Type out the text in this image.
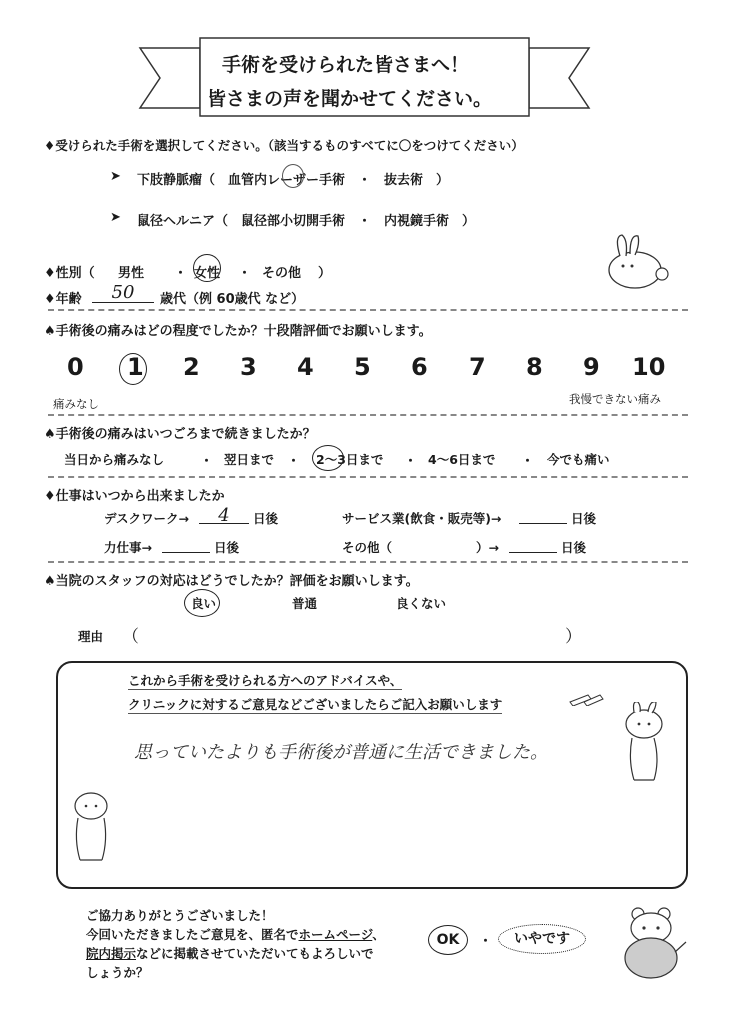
手術を受けられた皆さまへ！
皆さまの声を聞かせてください。
♦受けられた手術を選択してください。（該当するものすべてに〇をつけてください）
➤ 下肢静脈瘤（　血管内レーザー手術　・　抜去術　）
➤ 鼠径ヘルニア（　鼠径部小切開手術　・　内視鏡手術　）
♦性別（ 男性 ・ 女性 ・ その他 ）
♦年齢	50	歳代（例 60歳代 など）
♠手術後の痛みはどの程度でしたか？十段階評価でお願いします。
0 1 2 3 4 5 6 7 8 9 10
痛みなし	我慢できない痛み
♠手術後の痛みはいつごろまで続きましたか？
当日から痛みなし	・ 翌日まで ・ 2～3日まで ・ 4～6日まで ・ 今でも痛い
♦仕事はいつから出来ましたか
デスクワーク→	4	日後	サービス業(飲食・販売等)→	日後
力仕事→	日後	その他（	）→	日後
♠当院のスタッフの対応はどうでしたか？評価をお願いします。
良い	普通	良くない
理由 （	）
これから手術を受けられる方へのアドバイスや、
クリニックに対するご意見などございましたらご記入お願いします
思っていたよりも手術後が普通に生活できました。
ご協力ありがとうございました！
今回いただきましたご意見を、匿名でホームページ、
院内掲示などに掲載させていただいてもよろしいで
しょうか？
OK	・	いやです
